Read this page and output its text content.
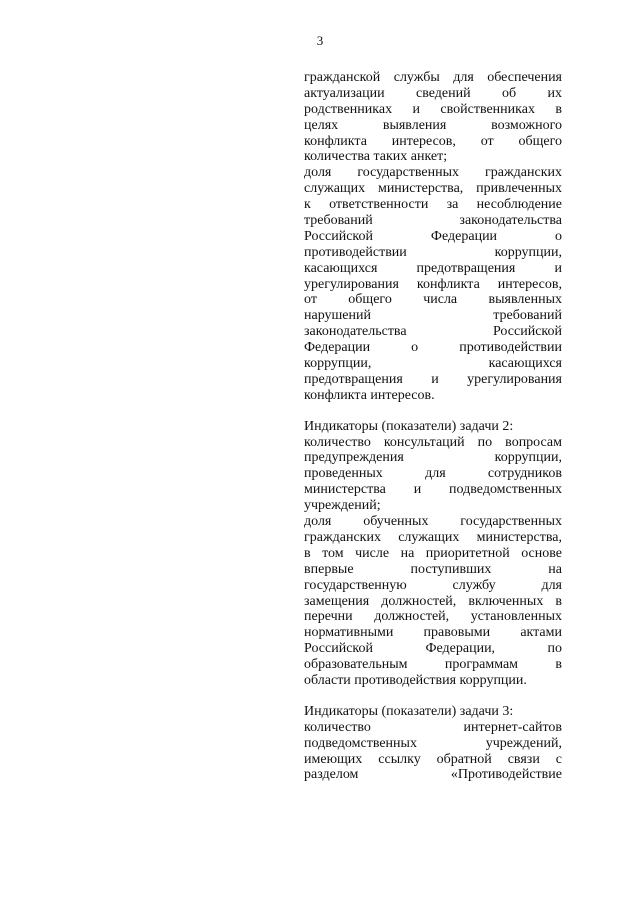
3
гражданской службы для обеспечения
актуализации сведений об их
родственниках и свойственниках в
целях выявления возможного
конфликта интересов, от общего
количества таких анкет;
доля государственных гражданских
служащих министерства, привлеченных
к ответственности за несоблюдение
требований законодательства
Российской Федерации о
противодействии коррупции,
касающихся предотвращения и
урегулирования конфликта интересов,
от общего числа выявленных
нарушений требований
законодательства Российской
Федерации о противодействии
коррупции, касающихся
предотвращения и урегулирования
конфликта интересов.
Индикаторы (показатели) задачи 2:
количество консультаций по вопросам
предупреждения коррупции,
проведенных для сотрудников
министерства и подведомственных
учреждений;
доля обученных государственных
гражданских служащих министерства,
в том числе на приоритетной основе
впервые поступивших на
государственную службу для
замещения должностей, включенных в
перечни должностей, установленных
нормативными правовыми актами
Российской Федерации, по
образовательным программам в
области противодействия коррупции.
Индикаторы (показатели) задачи 3:
количество интернет-сайтов
подведомственных учреждений,
имеющих ссылку обратной связи с
разделом «Противодействие
